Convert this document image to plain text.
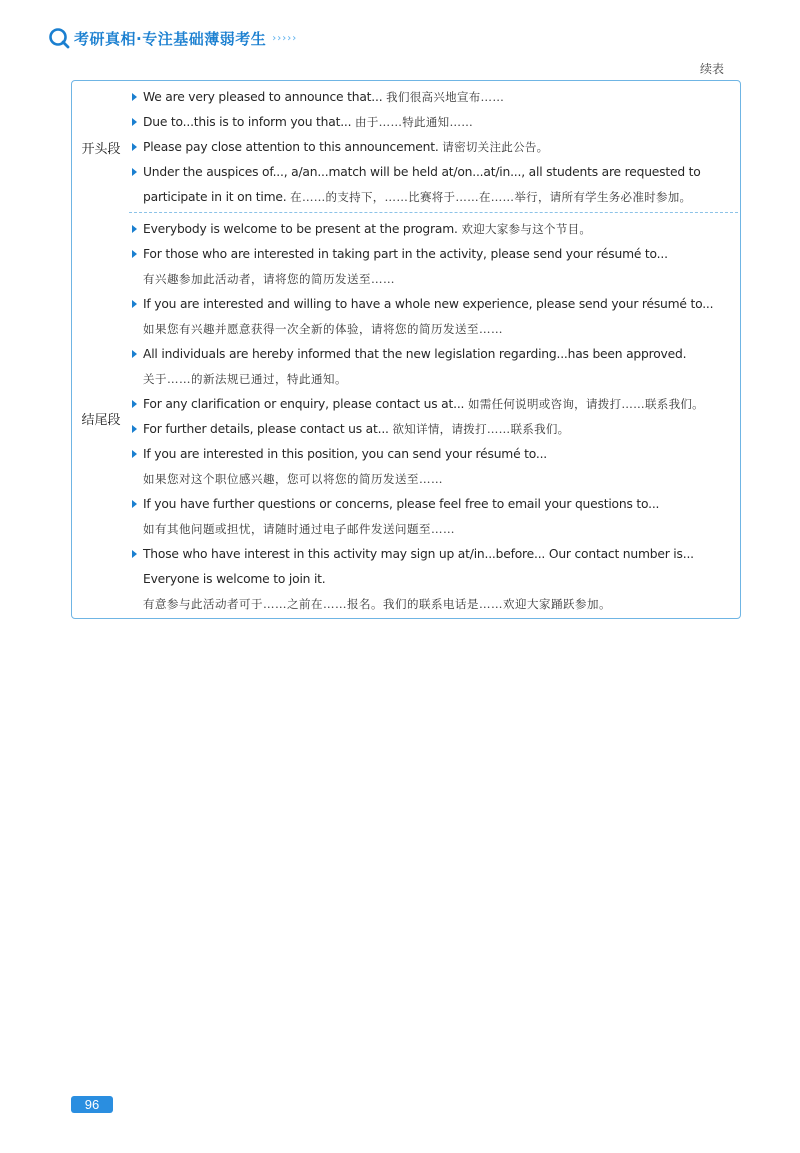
考研真相·专注基础薄弱考生 ›››››
续表
开头段
结尾段
We are very pleased to announce that... 我们很高兴地宣布……
Due to...this is to inform you that... 由于……特此通知……
Please pay close attention to this announcement. 请密切关注此公告。
Under the auspices of..., a/an...match will be held at/on...at/in..., all students are requested to
participate in it on time. 在……的支持下，……比赛将于……在……举行，请所有学生务必准时参加。
Everybody is welcome to be present at the program. 欢迎大家参与这个节目。
For those who are interested in taking part in the activity, please send your résumé to...
有兴趣参加此活动者，请将您的简历发送至……
If you are interested and willing to have a whole new experience, please send your résumé to...
如果您有兴趣并愿意获得一次全新的体验，请将您的简历发送至……
All individuals are hereby informed that the new legislation regarding...has been approved.
关于……的新法规已通过，特此通知。
For any clarification or enquiry, please contact us at... 如需任何说明或咨询，请拨打……联系我们。
For further details, please contact us at... 欲知详情，请拨打……联系我们。
If you are interested in this position, you can send your résumé to...
如果您对这个职位感兴趣，您可以将您的简历发送至……
If you have further questions or concerns, please feel free to email your questions to...
如有其他问题或担忧，请随时通过电子邮件发送问题至……
Those who have interest in this activity may sign up at/in...before... Our contact number is...
Everyone is welcome to join it.
有意参与此活动者可于……之前在……报名。我们的联系电话是……欢迎大家踊跃参加。
96
